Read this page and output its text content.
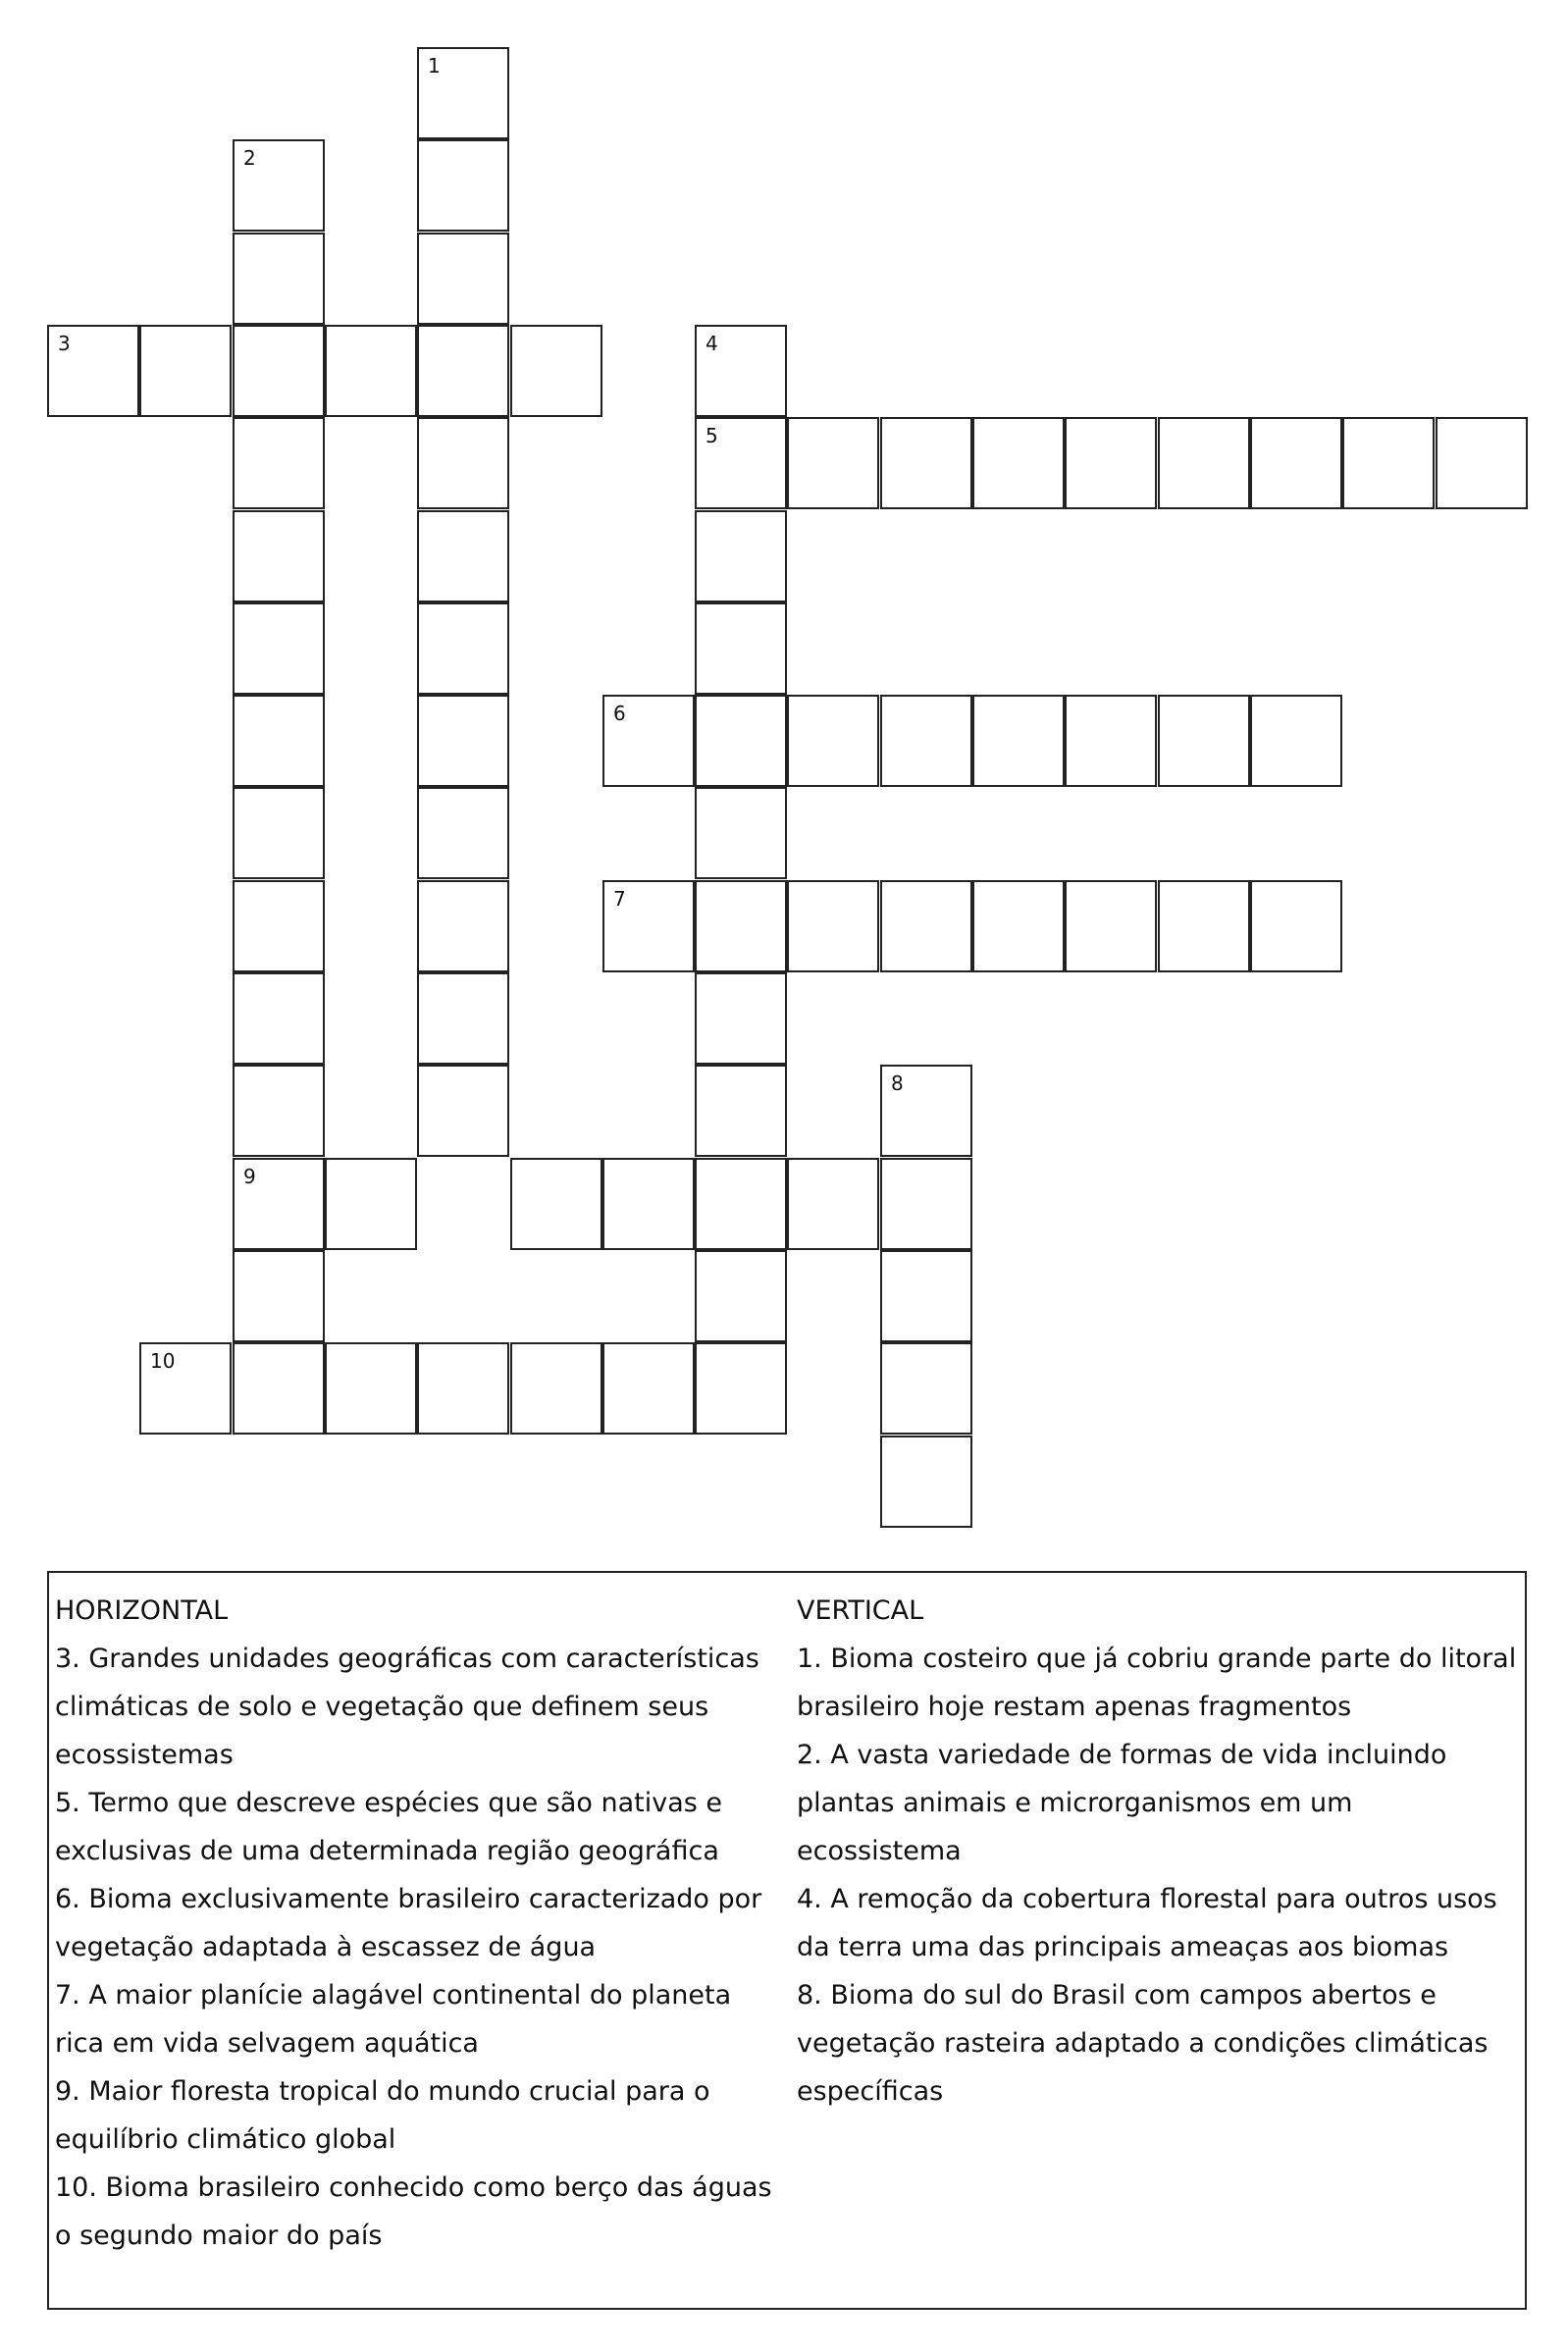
1
2
3	4
5
6
7
8
9
10
HORIZONTAL
3. Grandes unidades geográficas com características
climáticas de solo e vegetação que definem seus
ecossistemas
5. Termo que descreve espécies que são nativas e
exclusivas de uma determinada região geográfica
6. Bioma exclusivamente brasileiro caracterizado por
vegetação adaptada à escassez de água
7. A maior planície alagável continental do planeta
rica em vida selvagem aquática
9. Maior floresta tropical do mundo crucial para o
equilíbrio climático global
10. Bioma brasileiro conhecido como berço das águas
o segundo maior do país
VERTICAL
1. Bioma costeiro que já cobriu grande parte do litoral
brasileiro hoje restam apenas fragmentos
2. A vasta variedade de formas de vida incluindo
plantas animais e microrganismos em um ecossistema
4. A remoção da cobertura florestal para outros usos
da terra uma das principais ameaças aos biomas
8. Bioma do sul do Brasil com campos abertos e
vegetação rasteira adaptado a condições climáticas
específicas
